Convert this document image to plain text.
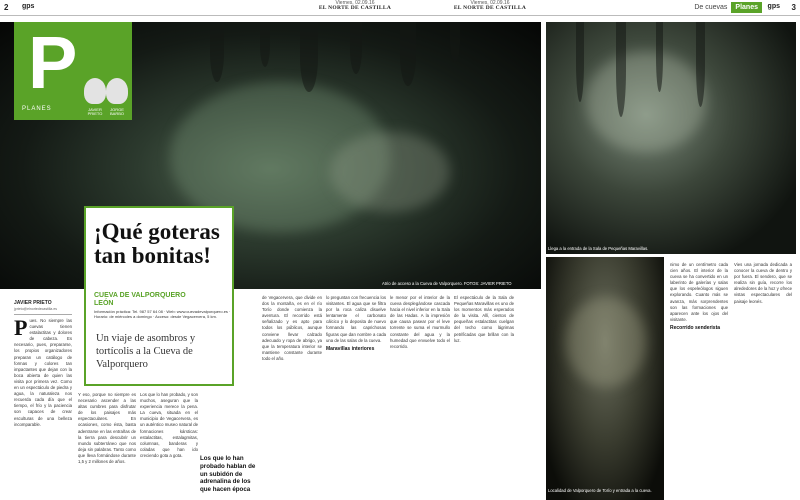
2 gps	Viernes, 02.09.16
EL NORTE DE CASTILLA
Viernes, 02.09.16
EL NORTE DE CASTILLA	De cuevas	Planes	gps 3
Atrio de acceso a la Cueva de Valporquero. FOTOS: JAVIER PRIETO
Llega a la entrada de la Sala de Pequeñas Maravillas.
Localidad de Valporquero de Torío y entrada a la cueva.
P
JAVIER PRIETO
JORGE BARBO
PLANES
¡Qué goteras tan bonitas!
CUEVA DE VALPORQUERO
LEÓN
Información práctica: Tel. 987 57 64 08 · Web: www.cuevadevalporquero.es · Horario: de miércoles a domingo · Acceso: desde Vegacervera, 5 km.
Un viaje de asombros y tortícolis a la Cueva de Valporquero
JAVIER PRIETO
jprieto@elnortedecastilla.es
Pues. No siempre las cuevas tienen estalactitas y dolores de cabeza. Es necesario, pues, prepararse, los propios organizadores preparan un catálogo de formas y colores tan impactantes que dejan con la boca abierta de quien las visita por primera vez. Como en un espectáculo de piedra y agua, la naturaleza nos recuerda cada día que el tiempo, el frío y la paciencia son capaces de crear esculturas de una belleza incomparable.
Y eso, porque no siempre es necesario ascender a las altas cumbres para disfrutar de los paisajes más espectaculares. En ocasiones, como ésta, basta adentrarse en las entrañas de la tierra para descubrir un mundo subterráneo que nos deja sin palabras. Tanto como que lleva formándose durante 1,5 y 2 millones de años.
Los que lo han probado, y son muchos, aseguran que la experiencia merece la pena. La cueva, situada en el municipio de Vegacervera, es un auténtico museo natural de formaciones kársticas: estalactitas, estalagmitas, columnas, banderas y coladas que han ido creciendo gota a gota.	Los que lo han probado hablan de un subidón de adrenalina de los que hacen época
de Vegacervera, que divide en dos la montaña, es en el río Torío donde comienza la aventura. El recorrido está señalizado y es apto para todos los públicos, aunque conviene llevar calzado adecuado y ropa de abrigo, ya que la temperatura interior se mantiene constante durante todo el año.
lo preguntan con frecuencia los visitantes. El agua que se filtra por la roca caliza disuelve lentamente el carbonato cálcico y lo deposita de nuevo formando las caprichosas figuras que dan nombre a cada una de las salas de la cueva.
Maravillas interiores
le menor por el interior de la cueva desplegándose cascada hacia el nivel inferior en la Sala de las Hadas. A la impresión que causa pasear por el leve torrente se suma el murmullo constante del agua y la humedad que envuelve todo el recorrido.
El espectáculo de la Sala de Pequeñas Maravillas es uno de los momentos más esperados de la visita. Allí, cientos de pequeñas estalactitas cuelgan del techo como lágrimas petrificadas que brillan con la luz.
nimo de un centímetro cada cien años. El interior de la cueva se ha convertido en un laberinto de galerías y salas que los espeleólogos siguen explorando. Cuanto más se avanza, más sorprendentes son las formaciones que aparecen ante los ojos del visitante.
Recorrido senderista
Vies una jornada dedicada a conocer la cueva de dentro y por fuera. El sendero, que se realiza sin guía, recorre los alrededores de la hoz y ofrece vistas espectaculares del paisaje leonés.
